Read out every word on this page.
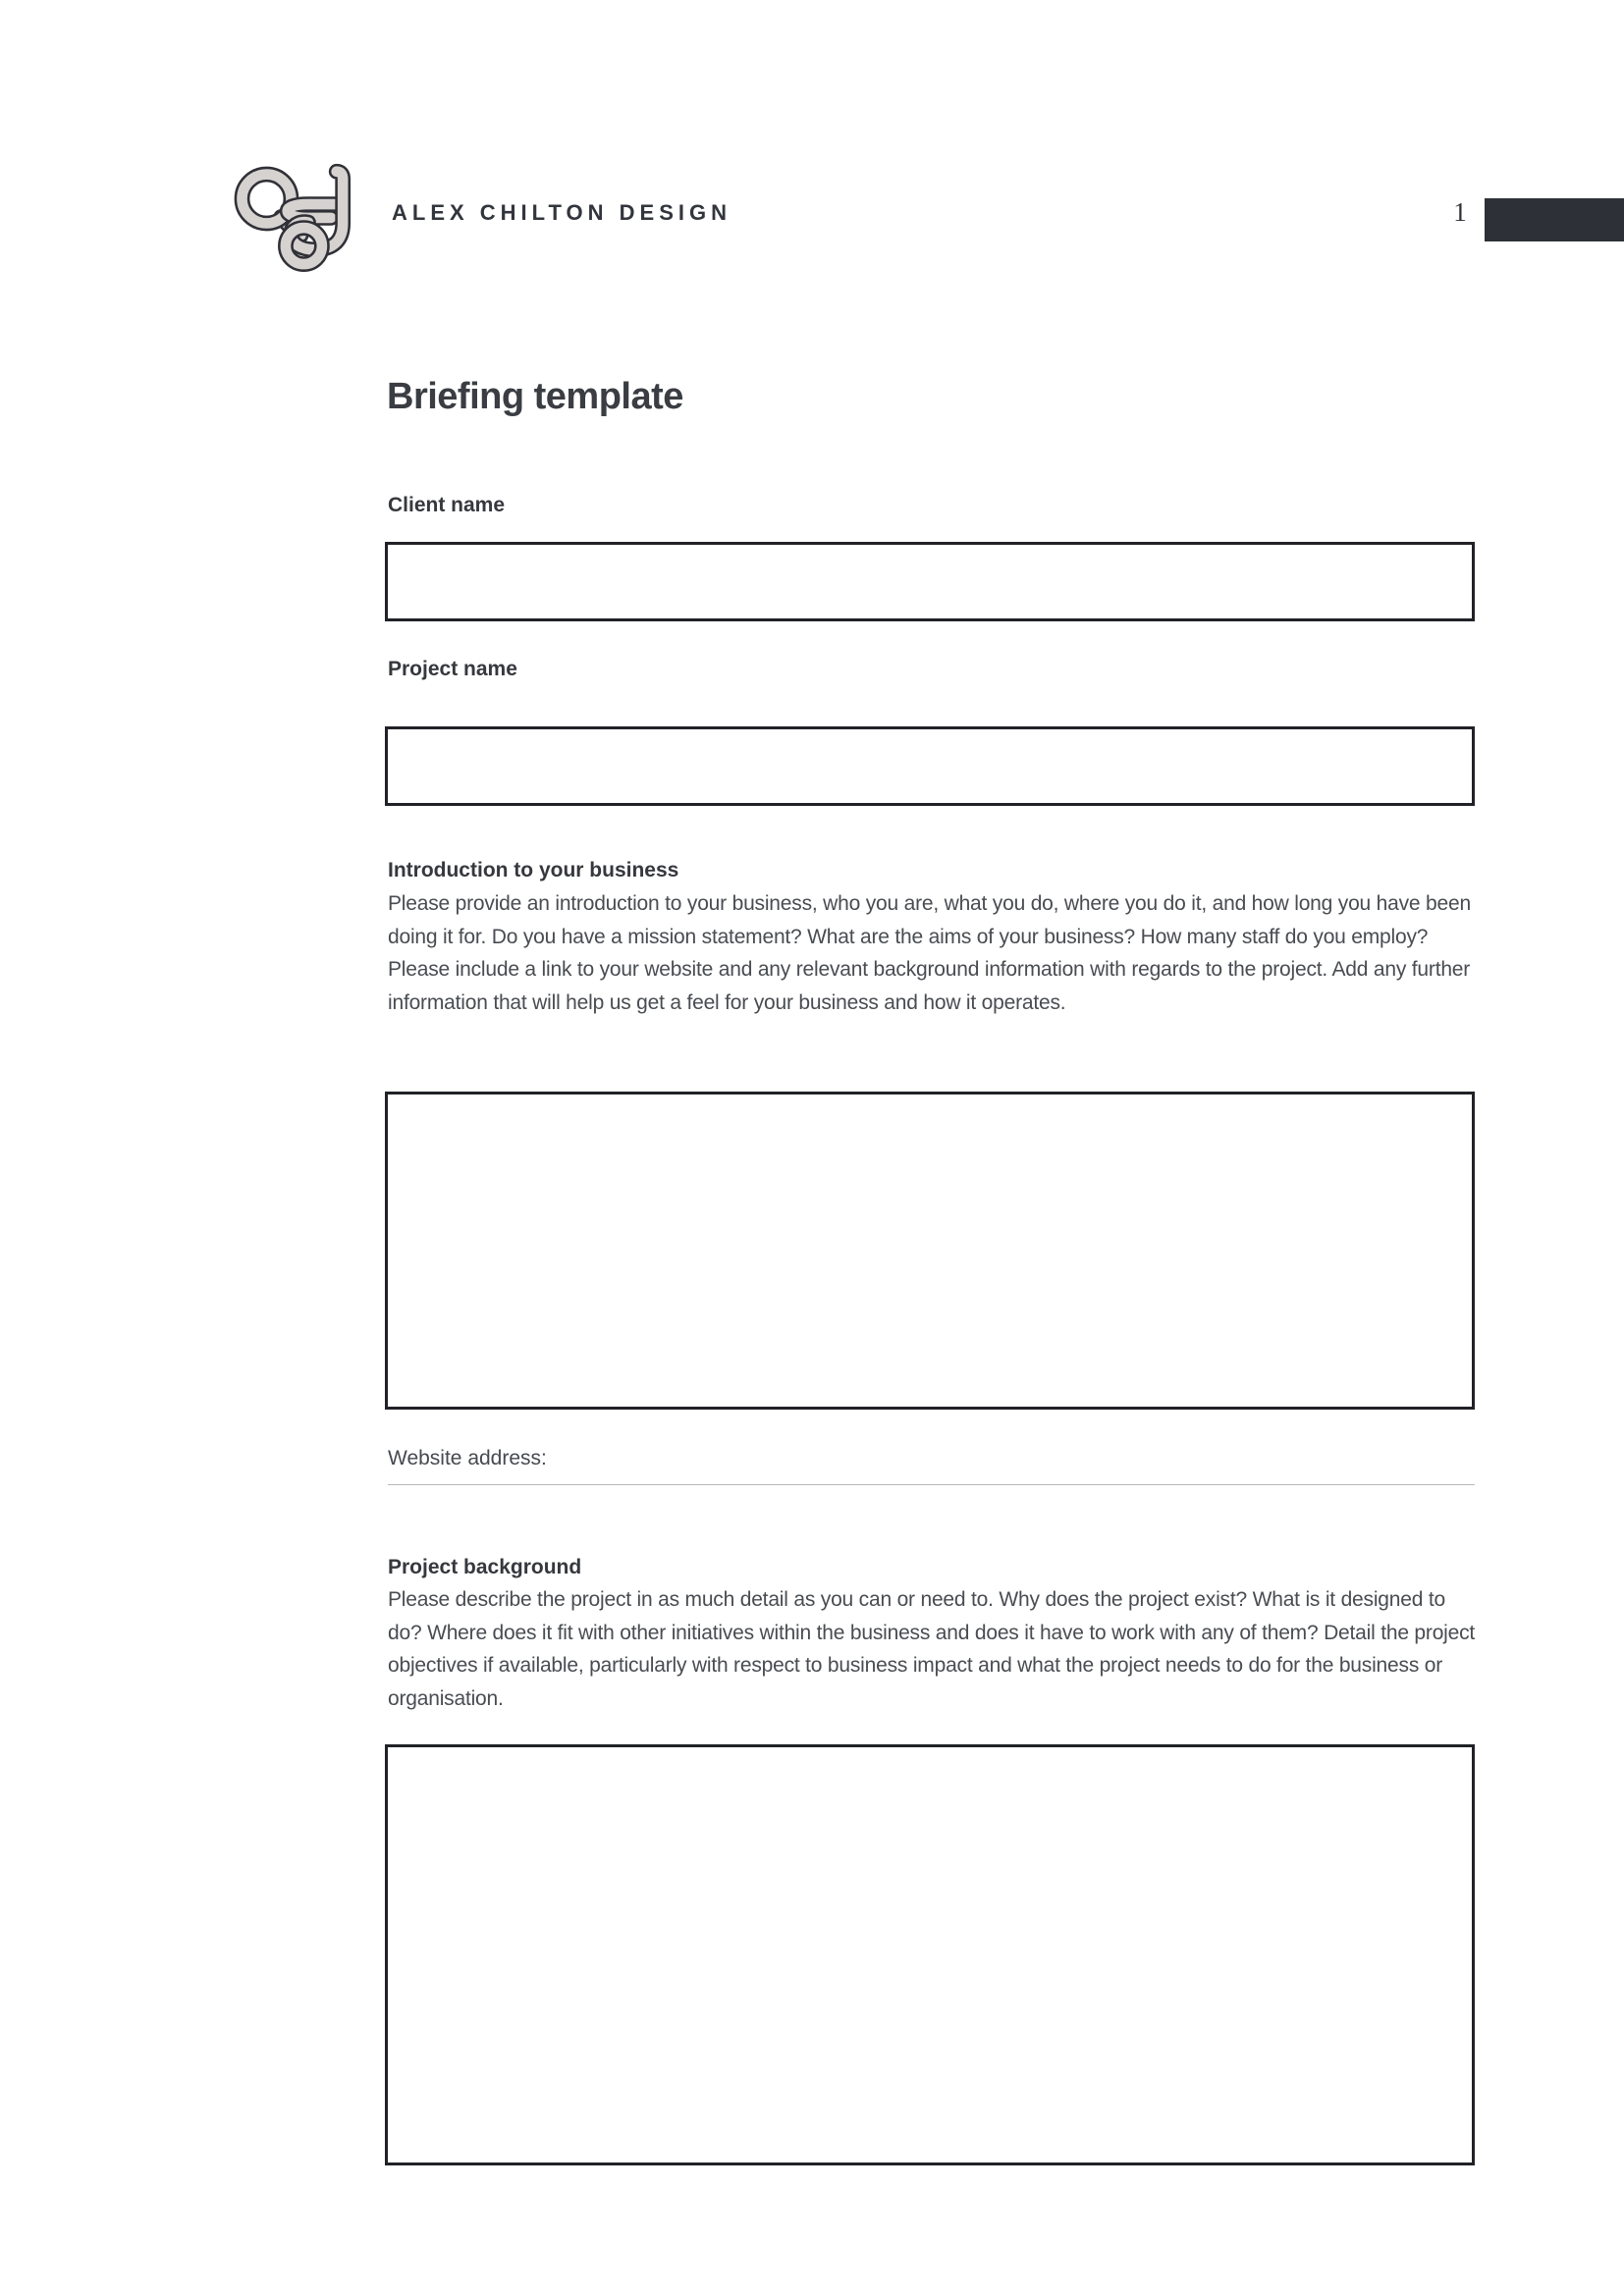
ALEX CHILTON DESIGN	1
Briefing template
Client name
Project name
Introduction to your business
Please provide an introduction to your business, who you are, what you do, where you do it, and how long you have been doing it for. Do you have a mission statement? What are the aims of your business? How many staff do you employ? Please include a link to your website and any relevant background information with regards to the project. Add any further information that will help us get a feel for your business and how it operates.
Website address:
Project background
Please describe the project in as much detail as you can or need to. Why does the project exist? What is it designed to do? Where does it fit with other initiatives within the business and does it have to work with any of them? Detail the project objectives if available, particularly with respect to business impact and what the project needs to do for the business or organisation.
